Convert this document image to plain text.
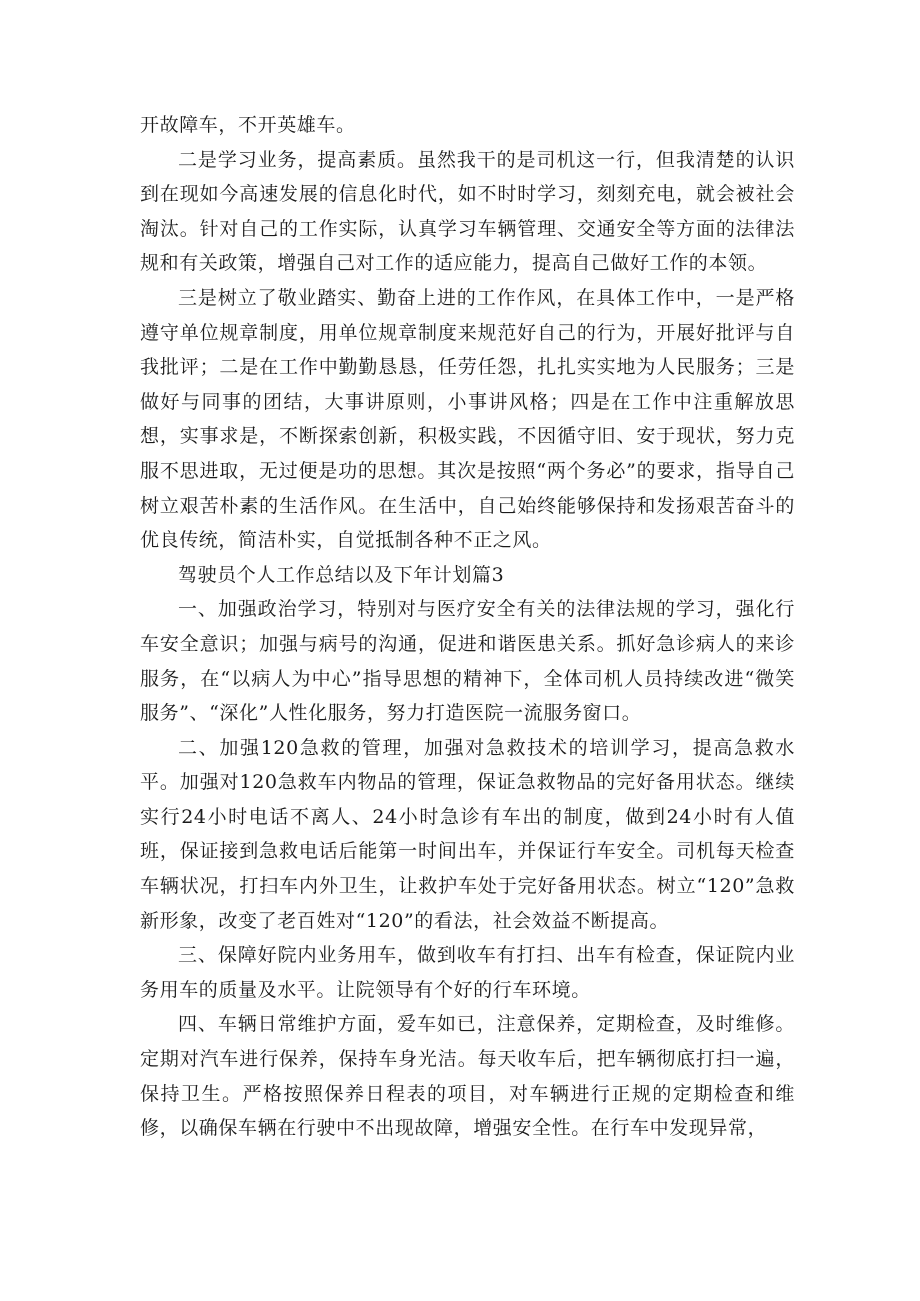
开故障车，不开英雄车。

二是学习业务，提高素质。虽然我干的是司机这一行，但我清楚的认识到在现如今高速发展的信息化时代，如不时时学习，刻刻充电，就会被社会淘汰。针对自己的工作实际，认真学习车辆管理、交通安全等方面的法律法规和有关政策，增强自己对工作的适应能力，提高自己做好工作的本领。

三是树立了敬业踏实、勤奋上进的工作作风，在具体工作中，一是严格遵守单位规章制度，用单位规章制度来规范好自己的行为，开展好批评与自我批评；二是在工作中勤勤恳恳，任劳任怨，扎扎实实地为人民服务；三是做好与同事的团结，大事讲原则，小事讲风格；四是在工作中注重解放思想，实事求是，不断探索创新，积极实践，不因循守旧、安于现状，努力克服不思进取，无过便是功的思想。其次是按照“两个务必”的要求，指导自己树立艰苦朴素的生活作风。在生活中，自己始终能够保持和发扬艰苦奋斗的优良传统，简洁朴实，自觉抵制各种不正之风。

驾驶员个人工作总结以及下年计划篇3

一、加强政治学习，特别对与医疗安全有关的法律法规的学习，强化行车安全意识；加强与病号的沟通，促进和谐医患关系。抓好急诊病人的来诊服务，在“以病人为中心”指导思想的精神下，全体司机人员持续改进“微笑服务”、“深化”人性化服务，努力打造医院一流服务窗口。

二、加强120急救的管理，加强对急救技术的培训学习，提高急救水平。加强对120急救车内物品的管理，保证急救物品的完好备用状态。继续实行24小时电话不离人、24小时急诊有车出的制度，做到24小时有人值班，保证接到急救电话后能第一时间出车，并保证行车安全。司机每天检查车辆状况，打扫车内外卫生，让救护车处于完好备用状态。树立“120”急救新形象，改变了老百姓对“120”的看法，社会效益不断提高。

三、保障好院内业务用车，做到收车有打扫、出车有检查，保证院内业务用车的质量及水平。让院领导有个好的行车环境。

四、车辆日常维护方面，爱车如已，注意保养，定期检查，及时维修。定期对汽车进行保养，保持车身光洁。每天收车后，把车辆彻底打扫一遍，保持卫生。严格按照保养日程表的项目，对车辆进行正规的定期检查和维修，以确保车辆在行驶中不出现故障，增强安全性。在行车中发现异常，
